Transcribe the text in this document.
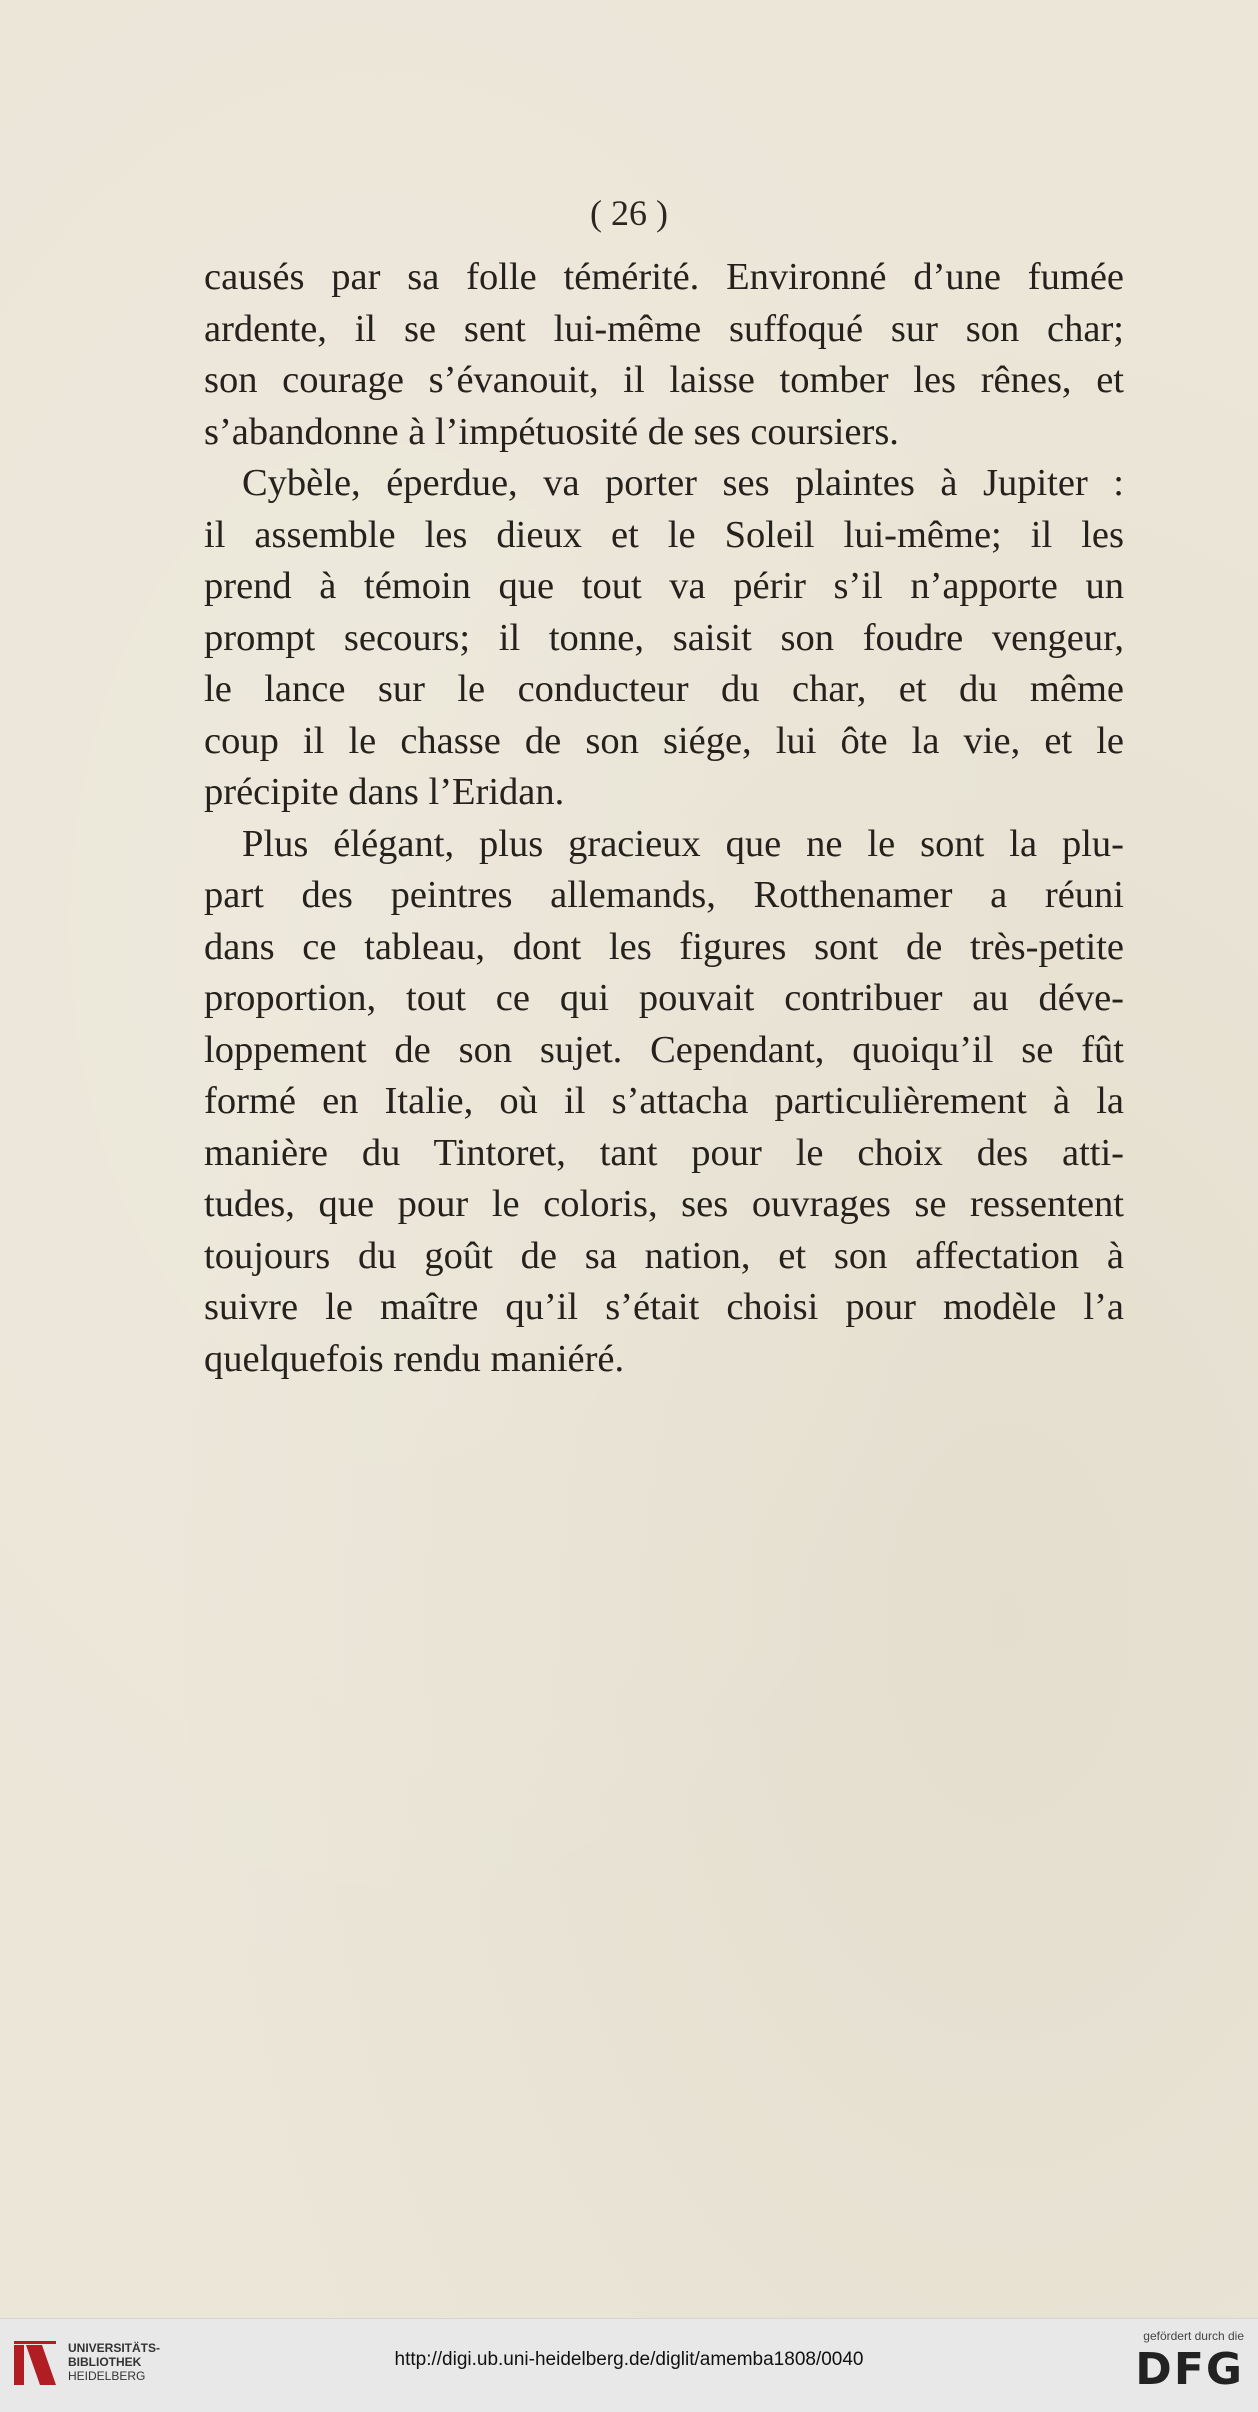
( 26 )
causés par sa folle témérité. Environné d’une fumée
ardente, il se sent lui-même suffoqué sur son char;
son courage s’évanouit, il laisse tomber les rênes, et
s’abandonne à l’impétuosité de ses coursiers.
Cybèle, éperdue, va porter ses plaintes à Jupiter :
il assemble les dieux et le Soleil lui-même; il les
prend à témoin que tout va périr s’il n’apporte un
prompt secours; il tonne, saisit son foudre vengeur,
le lance sur le conducteur du char, et du même
coup il le chasse de son siége, lui ôte la vie, et le
précipite dans l’Eridan.
Plus élégant, plus gracieux que ne le sont la plu-
part des peintres allemands, Rotthenamer a réuni
dans ce tableau, dont les figures sont de très-petite
proportion, tout ce qui pouvait contribuer au déve-
loppement de son sujet. Cependant, quoiqu’il se fût
formé en Italie, où il s’attacha particulièrement à la
manière du Tintoret, tant pour le choix des atti-
tudes, que pour le coloris, ses ouvrages se ressentent
toujours du goût de sa nation, et son affectation à
suivre le maître qu’il s’était choisi pour modèle l’a
quelquefois rendu maniéré.
UNIVERSITÄTS-
BIBLIOTHEK
HEIDELBERG
http://digi.ub.uni-heidelberg.de/diglit/amemba1808/0040
gefördert durch die
DFG
